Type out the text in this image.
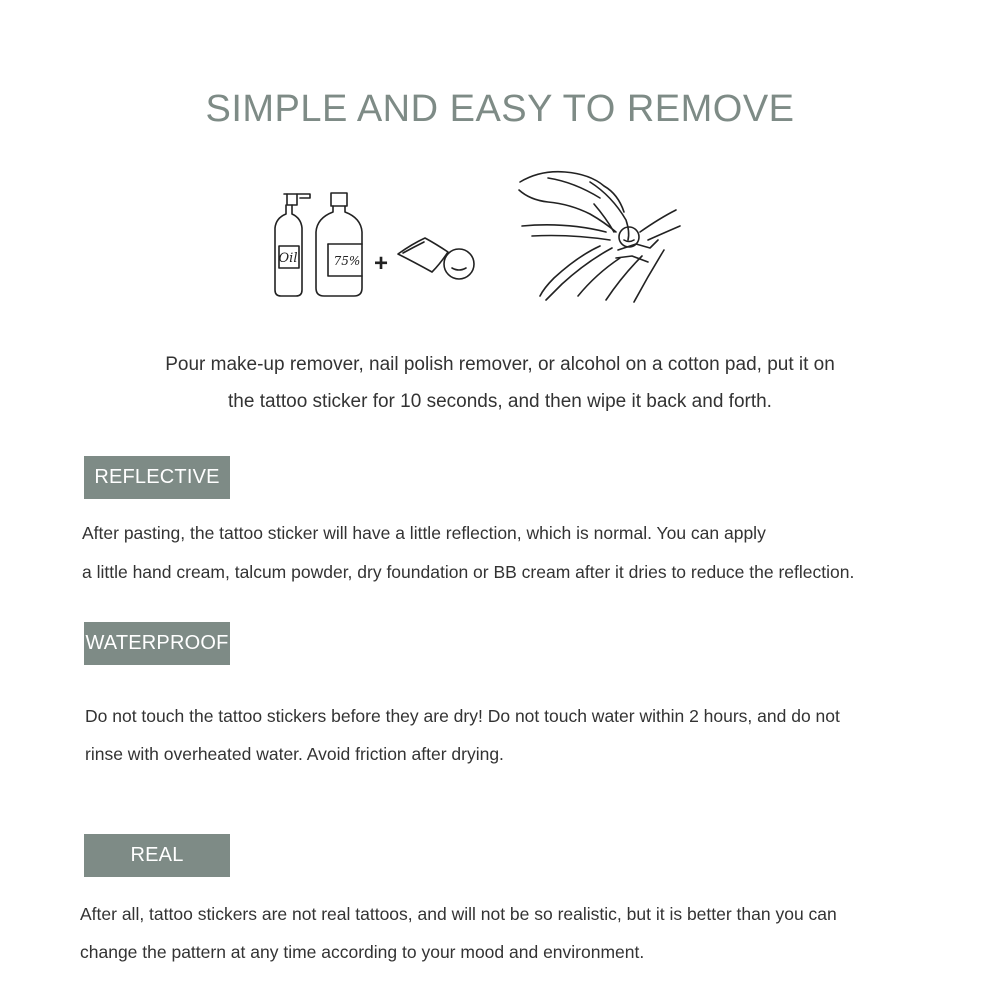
SIMPLE AND EASY TO REMOVE
Oil	75% +
Pour make-up remover, nail polish remover, or alcohol on a cotton pad, put it on
the tattoo sticker for 10 seconds, and then wipe it back and forth.
REFLECTIVE
After pasting, the tattoo sticker will have a little reflection, which is normal. You can apply
a little hand cream, talcum powder, dry foundation or BB cream after it dries to reduce the reflection.
WATERPROOF
Do not touch the tattoo stickers before they are dry! Do not touch water within 2 hours, and do not
rinse with overheated water. Avoid friction after drying.
REAL
After all, tattoo stickers are not real tattoos, and will not be so realistic, but it is better than you can
change the pattern at any time according to your mood and environment.
